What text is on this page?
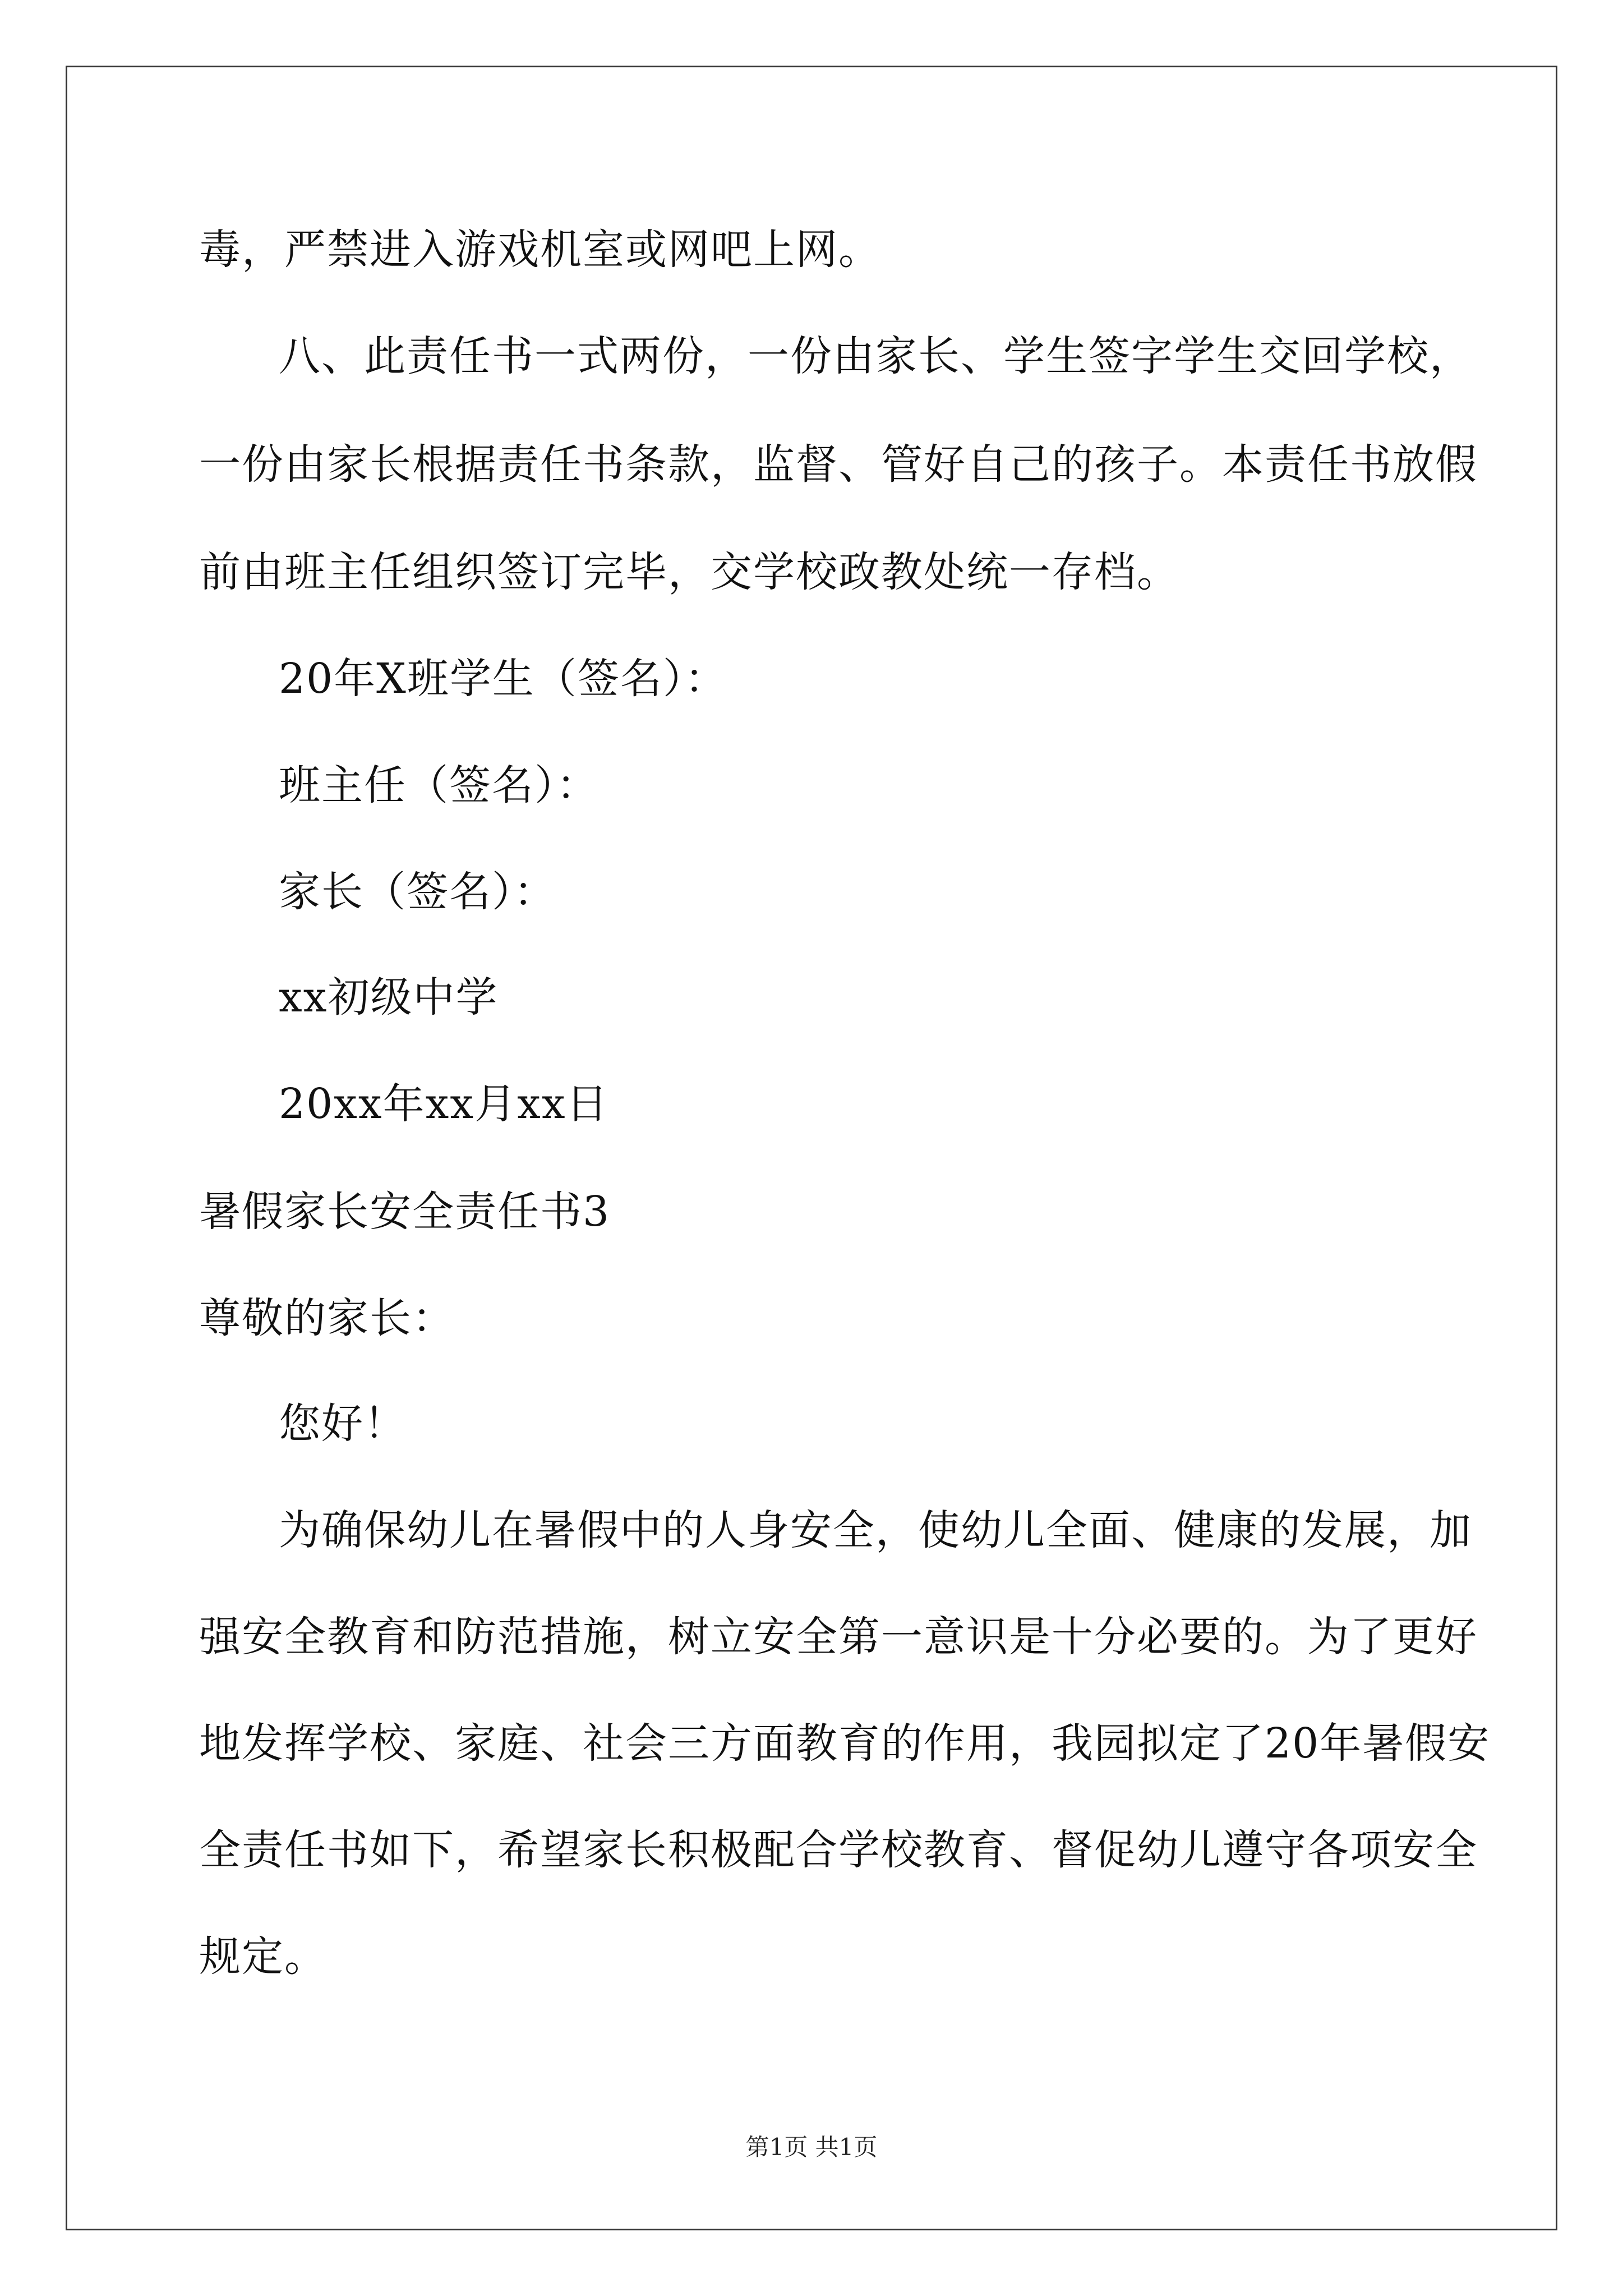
毒，严禁进入游戏机室或网吧上网。
八、此责任书一式两份，一份由家长、学生签字学生交回学校，
一份由家长根据责任书条款，监督、管好自己的孩子。本责任书放假
前由班主任组织签订完毕，交学校政教处统一存档。
20年X班学生（签名）：
班主任（签名）：
家长（签名）：
xx初级中学
20xx年xx月xx日
暑假家长安全责任书3
尊敬的家长：
您好！
为确保幼儿在暑假中的人身安全，使幼儿全面、健康的发展，加
强安全教育和防范措施，树立安全第一意识是十分必要的。为了更好
地发挥学校、家庭、社会三方面教育的作用，我园拟定了20年暑假安
全责任书如下，希望家长积极配合学校教育、督促幼儿遵守各项安全
规定。
第1页 共1页
